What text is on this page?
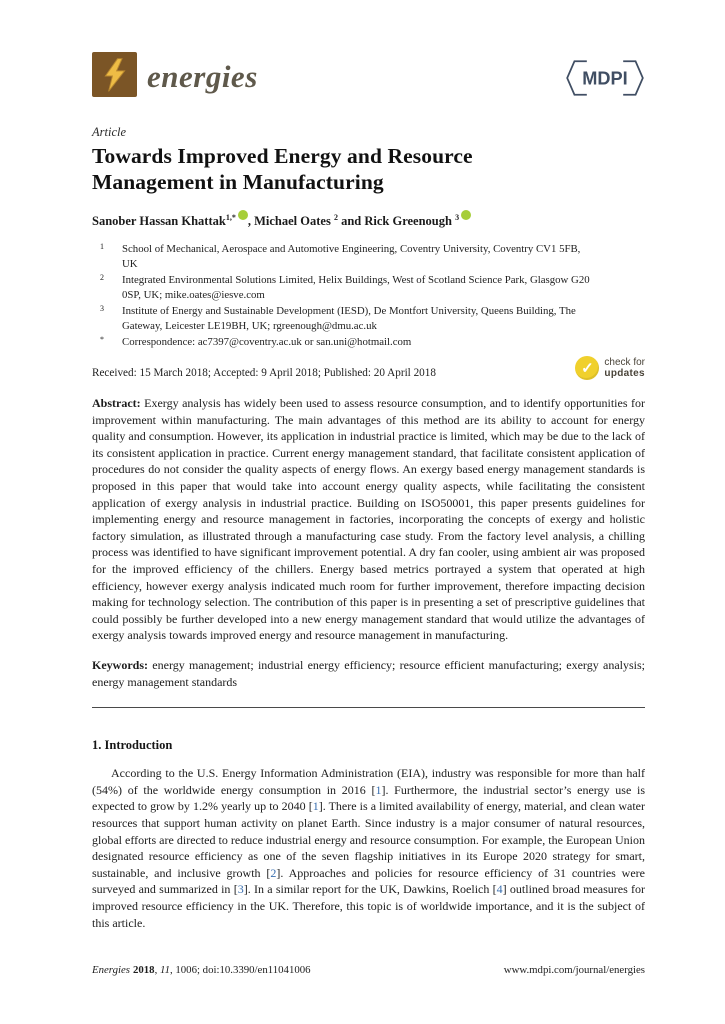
energies	MDPI
Article
Towards Improved Energy and Resource Management in Manufacturing
Sanober Hassan Khattak$^{1,*}$ , Michael Oates $^2$ and Rick Greenough $^3$
1	School of Mechanical, Aerospace and Automotive Engineering, Coventry University, Coventry CV1 5FB, UK
2	Integrated Environmental Solutions Limited, Helix Buildings, West of Scotland Science Park, Glasgow G20 0SP, UK; mike.oates@iesve.com
3	Institute of Energy and Sustainable Development (IESD), De Montfort University, Queens Building, The Gateway, Leicester LE19BH, UK; rgreenough@dmu.ac.uk
*	Correspondence: ac7397@coventry.ac.uk or san.uni@hotmail.com
Received: 15 March 2018; Accepted: 9 April 2018; Published: 20 April 2018	✓	check for
updates

Abstract: Exergy analysis has widely been used to assess resource consumption, and to identify opportunities for improvement within manufacturing. The main advantages of this method are its ability to account for energy quality and consumption. However, its application in industrial practice is limited, which may be due to the lack of its consistent application in practice. Current energy management standard, that facilitate consistent application of procedures do not consider the quality aspects of energy flows. An exergy based energy management standards is proposed in this paper that would take into account energy quality aspects, while facilitating the consistent application of exergy analysis in industrial practice. Building on ISO50001, this paper presents guidelines for implementing energy and resource management in factories, incorporating the concepts of exergy and holistic factory simulation, as illustrated through a manufacturing case study. From the factory level analysis, a chilling process was identified to have significant improvement potential. A dry fan cooler, using ambient air was proposed for the improved efficiency of the chillers. Energy based metrics portrayed a system that operated at high efficiency, however exergy analysis indicated much room for further improvement, therefore impacting decision making for technology selection. The contribution of this paper is in presenting a set of prescriptive guidelines that could possibly be further developed into a new energy management standard that would utilize the advantages of exergy analysis towards improved energy and resource management in manufacturing.

Keywords: energy management; industrial energy efficiency; resource efficient manufacturing; exergy analysis; energy management standards

1. Introduction

According to the U.S. Energy Information Administration (EIA), industry was responsible for more than half (54%) of the worldwide energy consumption in 2016 [1]. Furthermore, the industrial sector’s energy use is expected to grow by 1.2% yearly up to 2040 [1]. There is a limited availability of energy, material, and clean water resources that support human activity on planet Earth. Since industry is a major consumer of natural resources, global efforts are directed to reduce industrial energy and resource consumption. For example, the European Union designated resource efficiency as one of the seven flagship initiatives in its Europe 2020 strategy for smart, sustainable, and inclusive growth [2]. Approaches and policies for resource efficiency of 31 countries were surveyed and summarized in [3]. In a similar report for the UK, Dawkins, Roelich [4] outlined broad measures for improved resource efficiency in the UK. Therefore, this topic is of worldwide importance, and it is the subject of this article.

Energies 2018, 11, 1006; doi:10.3390/en11041006	www.mdpi.com/journal/energies
